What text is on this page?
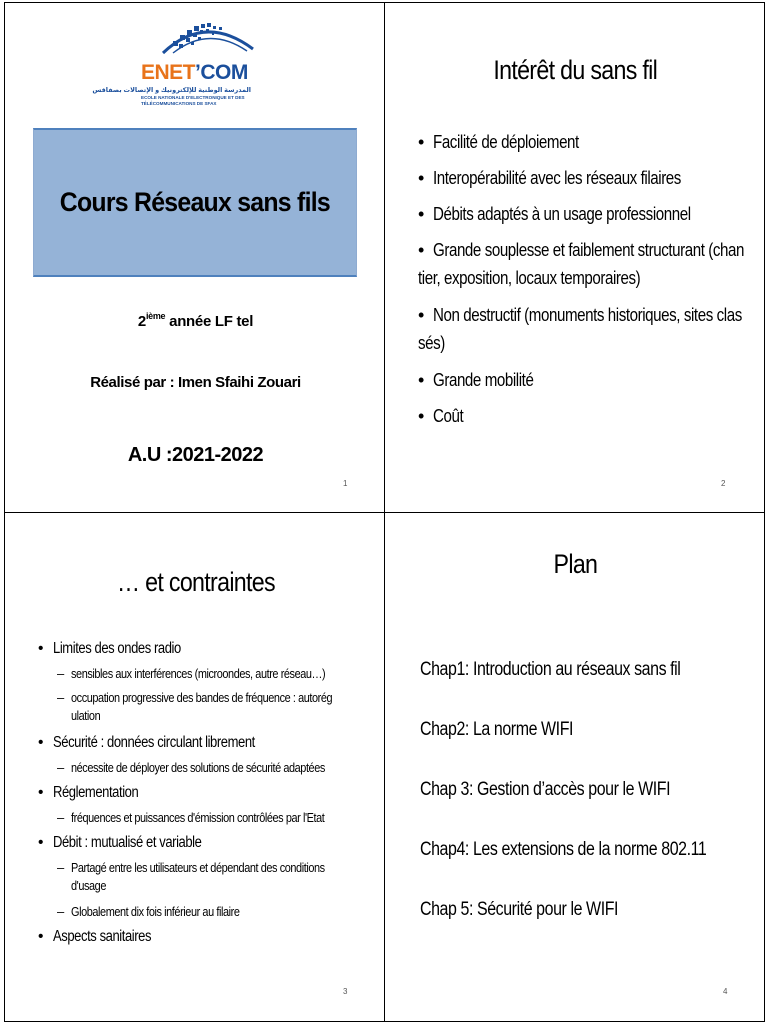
ENET’COM
المدرسة الوطنية للإلكترونيك و الإتصالات بصفاقس
ECOLE NATIONALE D'ELECTRONIQUE ET DES TÉLÉCOMMUNICATIONS DE SFAX
Cours Réseaux sans fils
2ième année LF tel
Réalisé par : Imen Sfaihi Zouari
A.U :2021-2022
1
Intérêt du sans fil
• Facilité de déploiement
• Interopérabilité avec les réseaux filaires
• Débits adaptés à un usage professionnel
• Grande souplesse et faiblement structurant (chan
tier, exposition, locaux temporaires)
• Non destructif (monuments historiques, sites clas
sés)
• Grande mobilité
• Coût
2
… et contraintes
• Limites des ondes radio
– sensibles aux interférences (microondes, autre réseau…)
– occupation progressive des bandes de fréquence : autorég
ulation
• Sécurité : données circulant librement
– nécessite de déployer des solutions de sécurité adaptées
• Réglementation
– fréquences et puissances d'émission contrôlées par l'Etat
• Débit : mutualisé et variable
– Partagé entre les utilisateurs et dépendant des conditions
d'usage
– Globalement dix fois inférieur au filaire
• Aspects sanitaires
3
Plan
Chap1: Introduction au réseaux sans fil
Chap2: La norme WIFI
Chap 3: Gestion d’accès pour le WIFI
Chap4: Les extensions de la norme 802.11
Chap 5: Sécurité pour le WIFI
4
